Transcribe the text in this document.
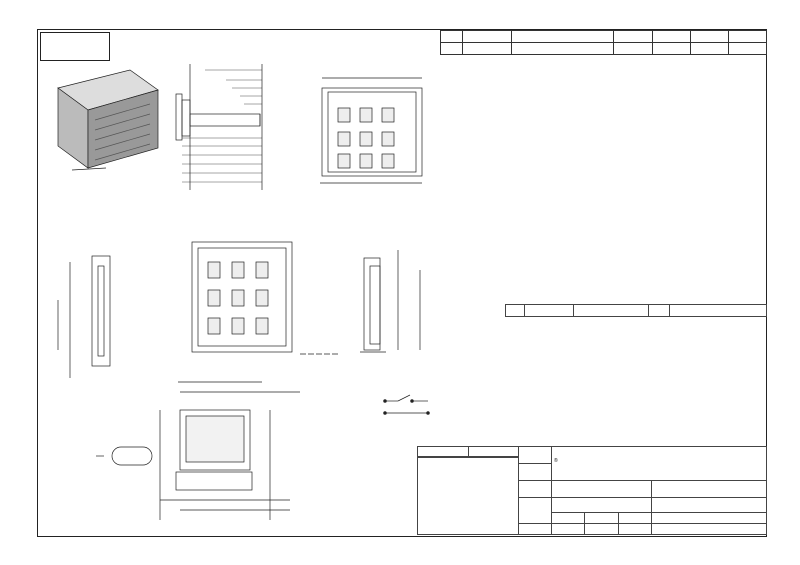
	®
